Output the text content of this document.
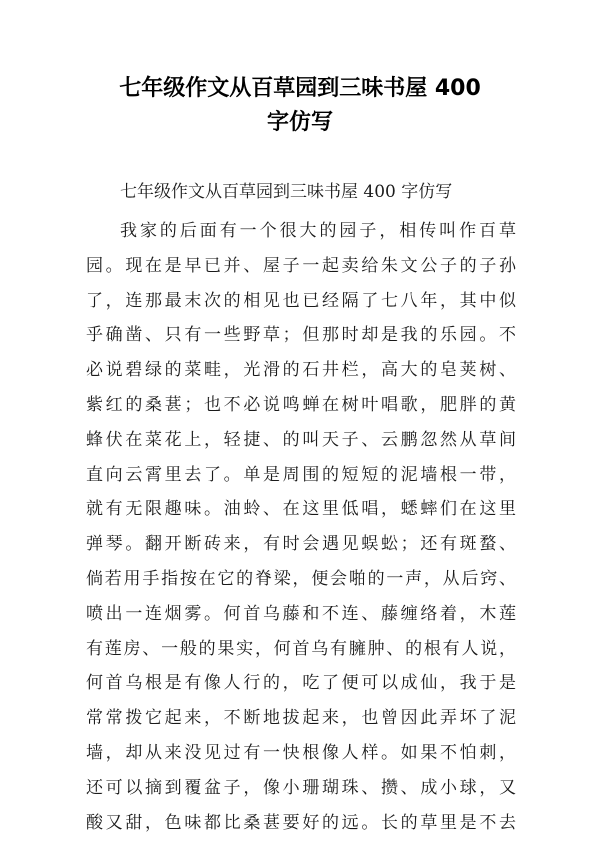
七年级作文从百草园到三味书屋 400
字仿写

七年级作文从百草园到三味书屋 400 字仿写

我家的后面有一个很大的园子，相传叫作百草
园。现在是早已并、屋子一起卖给朱文公子的子孙
了，连那最末次的相见也已经隔了七八年，其中似
乎确凿、只有一些野草；但那时却是我的乐园。不
必说碧绿的菜畦，光滑的石井栏，高大的皂荚树、
紫红的桑葚；也不必说鸣蝉在树叶唱歌，肥胖的黄
蜂伏在菜花上，轻捷、的叫天子、云鹏忽然从草间
直向云霄里去了。单是周围的短短的泥墙根一带，
就有无限趣味。油蛉、在这里低唱，蟋蟀们在这里
弹琴。翻开断砖来，有时会遇见蜈蚣；还有斑蝥、
倘若用手指按在它的脊梁，便会啪的一声，从后窍、
喷出一连烟雾。何首乌藤和不连、藤缠络着，木莲
有莲房、一般的果实，何首乌有臃肿、的根有人说，
何首乌根是有像人行的，吃了便可以成仙，我于是
常常拨它起来，不断地拔起来，也曾因此弄坏了泥
墙，却从来没见过有一快根像人样。如果不怕刺，
还可以摘到覆盆子，像小珊瑚珠、攒、成小球，又
酸又甜，色味都比桑葚要好的远。长的草里是不去
